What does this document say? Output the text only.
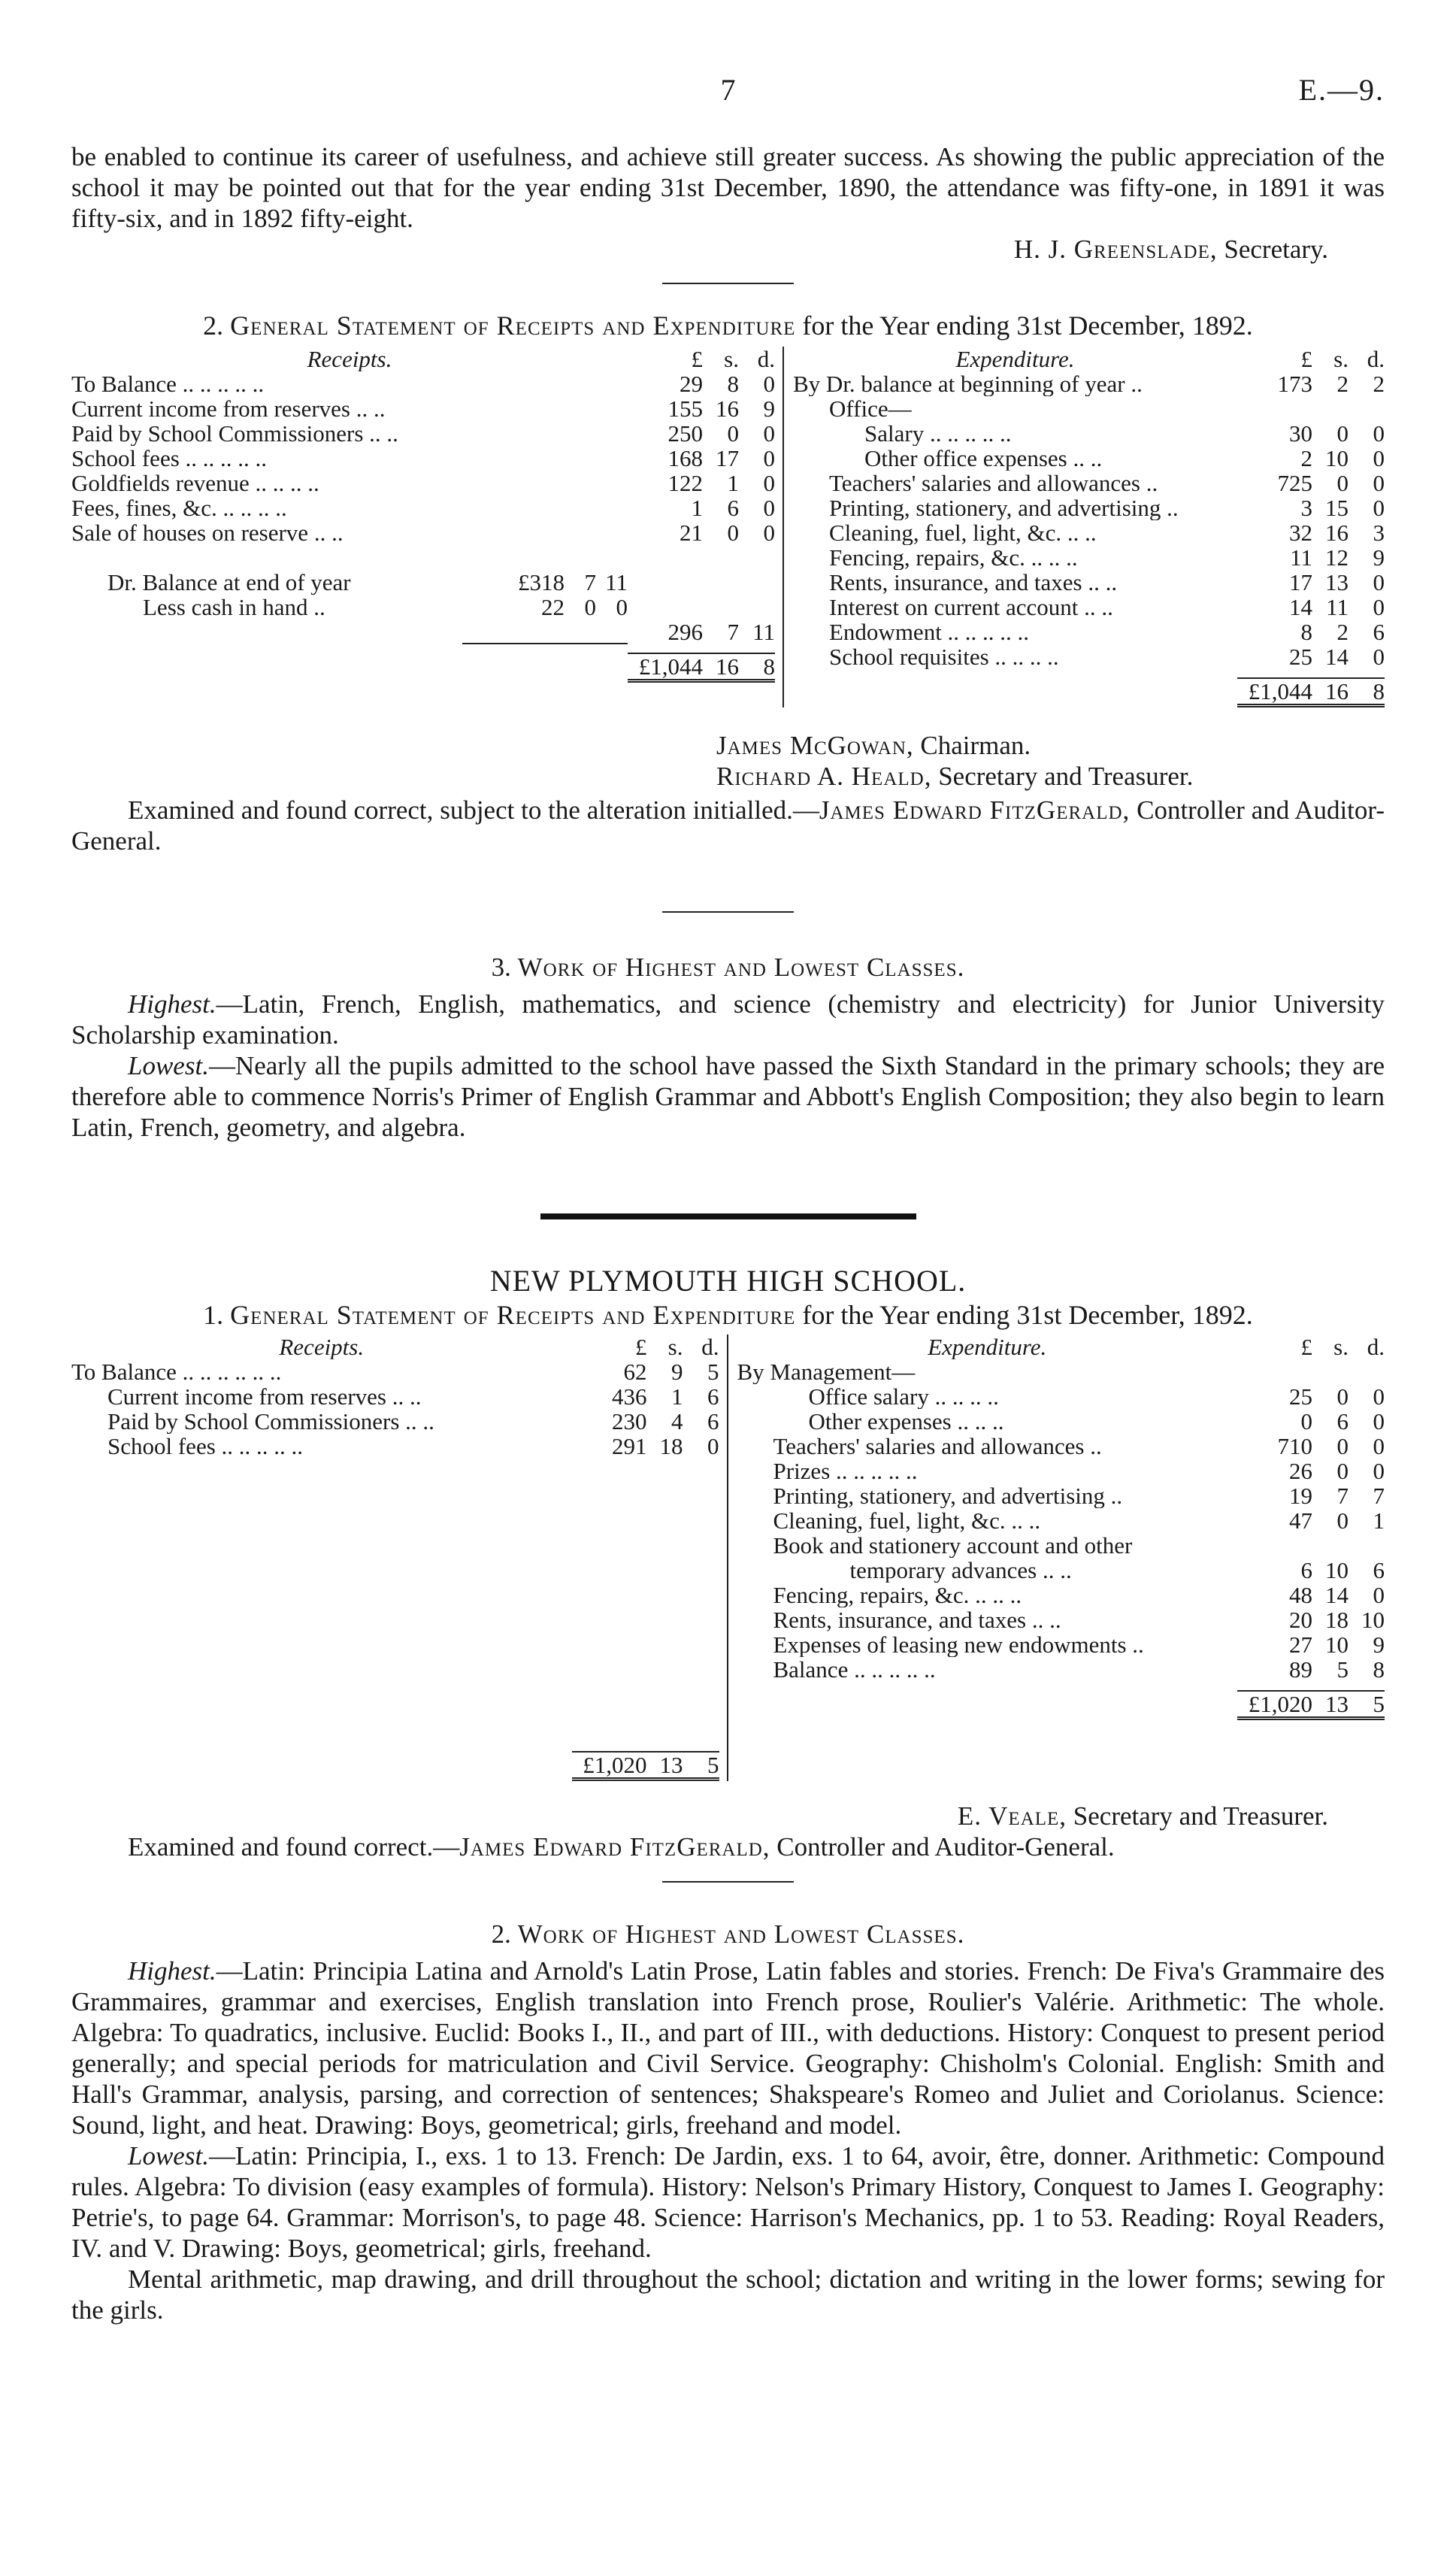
7	E.—9.

be enabled to continue its career of usefulness, and achieve still greater success. As showing the public appreciation of the school it may be pointed out that for the year ending 31st December, 1890, the attendance was fifty-one, in 1891 it was fifty-six, and in 1892 fifty-eight.

H. J. Greenslade, Secretary.
2. General Statement of Receipts and Expenditure for the Year ending 31st December, 1892.
Receipts.	£ s. d.
To Balance .. .. .. .. ..	29	8	0
Current income from reserves .. ..	155 16	9
Paid by School Commissioners .. ..	250	0	0
School fees .. .. .. .. ..	168 17	0
Goldfields revenue .. .. .. ..	122	1	0
Fees, fines, &c. .. .. .. ..	1	6	0
Sale of houses on reserve .. ..	21	0	0
Dr. Balance at end of year	£318 7 11
Less cash in hand ..	22 0 0
296	7 11
£1,044 16	8
Expenditure.	£ s. d.
By Dr. balance at beginning of year ..	173	2	2
Office—
Salary .. .. .. .. ..	30	0	0
Other office expenses .. ..	2 10	0
Teachers' salaries and allowances ..	725	0	0
Printing, stationery, and advertising ..	3 15	0
Cleaning, fuel, light, &c. .. ..	32 16	3
Fencing, repairs, &c. .. .. ..	11 12	9
Rents, insurance, and taxes .. ..	17 13	0
Interest on current account .. ..	14 11	0
Endowment .. .. .. .. ..	8	2	6
School requisites .. .. .. ..	25 14	0
£1,044 16	8
James McGowan, Chairman.
Richard A. Heald, Secretary and Treasurer.

Examined and found correct, subject to the alteration initialled.—James Edward FitzGerald, Controller and Auditor-General.

3. Work of Highest and Lowest Classes.

Highest.—Latin, French, English, mathematics, and science (chemistry and electricity) for Junior University Scholarship examination.

Lowest.—Nearly all the pupils admitted to the school have passed the Sixth Standard in the primary schools; they are therefore able to commence Norris's Primer of English Grammar and Abbott's English Composition; they also begin to learn Latin, French, geometry, and algebra.

NEW PLYMOUTH HIGH SCHOOL.
1. General Statement of Receipts and Expenditure for the Year ending 31st December, 1892.
Receipts.	£ s. d.
To Balance .. .. .. .. .. ..	62	9	5
Current income from reserves .. ..	436	1	6
Paid by School Commissioners .. ..	230	4	6
School fees .. .. .. .. ..	291 18	0
£1,020 13	5
Expenditure.	£ s. d.
By Management—
Office salary .. .. .. ..	25	0	0
Other expenses .. .. ..	0	6	0
Teachers' salaries and allowances ..	710	0	0
Prizes .. .. .. .. ..	26	0	0
Printing, stationery, and advertising ..	19	7	7
Cleaning, fuel, light, &c. .. ..	47	0	1
Book and stationery account and other
temporary advances .. ..	6 10	6
Fencing, repairs, &c. .. .. ..	48 14	0
Rents, insurance, and taxes .. ..	20 18 10
Expenses of leasing new endowments ..	27 10	9
Balance .. .. .. .. ..	89	5	8
£1,020 13	5
E. Veale, Secretary and Treasurer.

Examined and found correct.—James Edward FitzGerald, Controller and Auditor-General.

2. Work of Highest and Lowest Classes.

Highest.—Latin: Principia Latina and Arnold's Latin Prose, Latin fables and stories. French: De Fiva's Grammaire des Grammaires, grammar and exercises, English translation into French prose, Roulier's Valérie. Arithmetic: The whole. Algebra: To quadratics, inclusive. Euclid: Books I., II., and part of III., with deductions. History: Conquest to present period generally; and special periods for matriculation and Civil Service. Geography: Chisholm's Colonial. English: Smith and Hall's Grammar, analysis, parsing, and correction of sentences; Shakspeare's Romeo and Juliet and Coriolanus. Science: Sound, light, and heat. Drawing: Boys, geometrical; girls, freehand and model.

Lowest.—Latin: Principia, I., exs. 1 to 13. French: De Jardin, exs. 1 to 64, avoir, être, donner. Arithmetic: Compound rules. Algebra: To division (easy examples of formula). History: Nelson's Primary History, Conquest to James I. Geography: Petrie's, to page 64. Grammar: Morrison's, to page 48. Science: Harrison's Mechanics, pp. 1 to 53. Reading: Royal Readers, IV. and V. Drawing: Boys, geometrical; girls, freehand.

Mental arithmetic, map drawing, and drill throughout the school; dictation and writing in the lower forms; sewing for the girls.
